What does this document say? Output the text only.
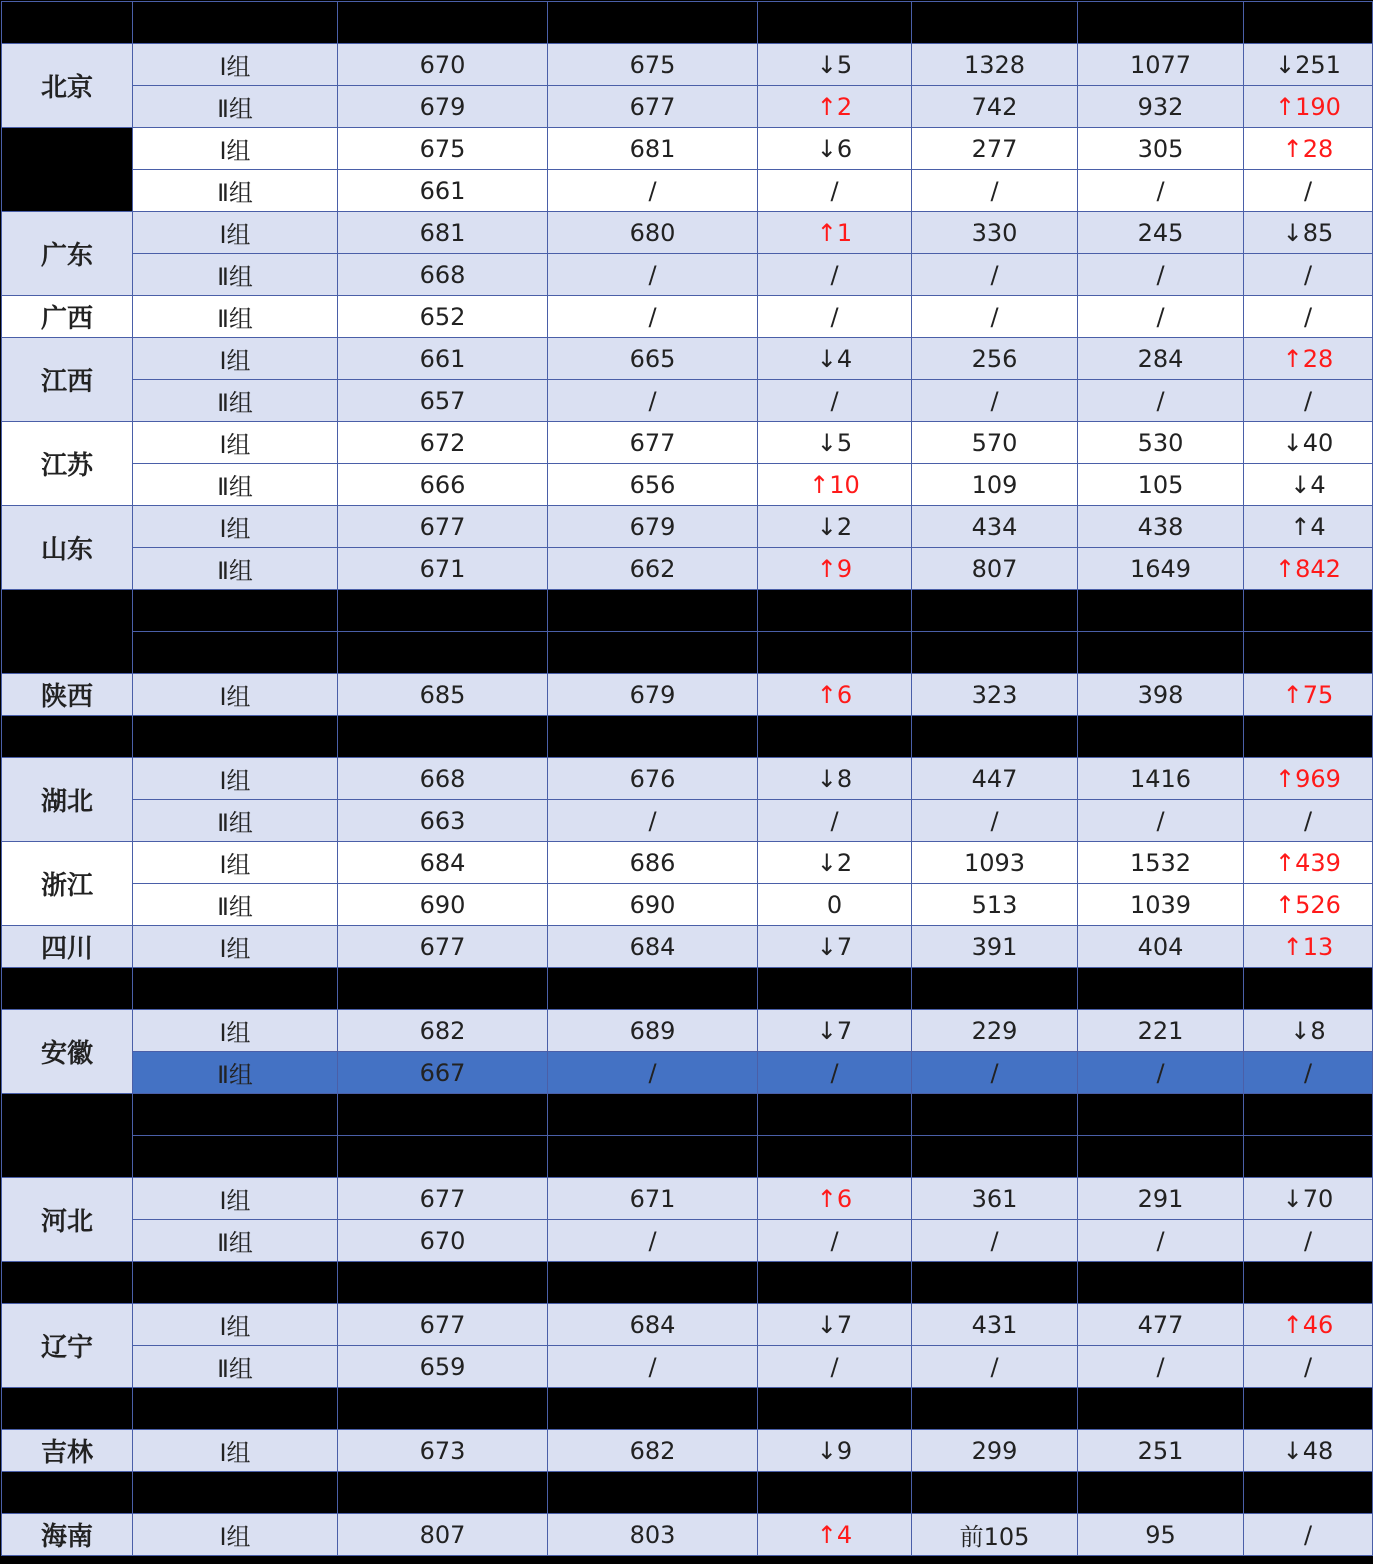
北京	Ⅰ组	670	675	↓5	1328	1077	↓251
	Ⅱ组	679	677	↑2	742	932	↑190
	Ⅰ组	675	681	↓6	277	305	↑28
	Ⅱ组	661	/	/	/	/	/
广东	Ⅰ组	681	680	↑1	330	245	↓85
	Ⅱ组	668	/	/	/	/	/
广西	Ⅱ组	652	/	/	/	/	/
江西	Ⅰ组	661	665	↓4	256	284	↑28
	Ⅱ组	657	/	/	/	/	/
江苏	Ⅰ组	672	677	↓5	570	530	↓40
	Ⅱ组	666	656	↑10	109	105	↓4
山东	Ⅰ组	677	679	↓2	434	438	↑4
	Ⅱ组	671	662	↑9	807	1649	↑842
				↑6			↑52

陕西	Ⅰ组	685	679	↑6	323	398	↑75
							↑38
湖北	Ⅰ组	668	676	↓8	447	1416	↑969
	Ⅱ组	663	/	/	/	/	/
浙江	Ⅰ组	684	686	↓2	1093	1532	↑439
	Ⅱ组	690	690	0	513	1039	↑526
四川	Ⅰ组	677	684	↓7	391	404	↑13
							↑18
安徽	Ⅰ组	682	689	↓7	229	221	↓8
	Ⅱ组	667	/	/	/	/	/
				↑8			↑108
				↑7			↑49
河北	Ⅰ组	677	671	↑6	361	291	↓70
	Ⅱ组	670	/	/	/	/	/
				↑6			
辽宁	Ⅰ组	677	684	↓7	431	477	↑46
	Ⅱ组	659	/	/	/	/	/

吉林	Ⅰ组	673	682	↓9	299	251	↓48
							↑86
海南	Ⅰ组	807	803	↑4	前105	95	/
